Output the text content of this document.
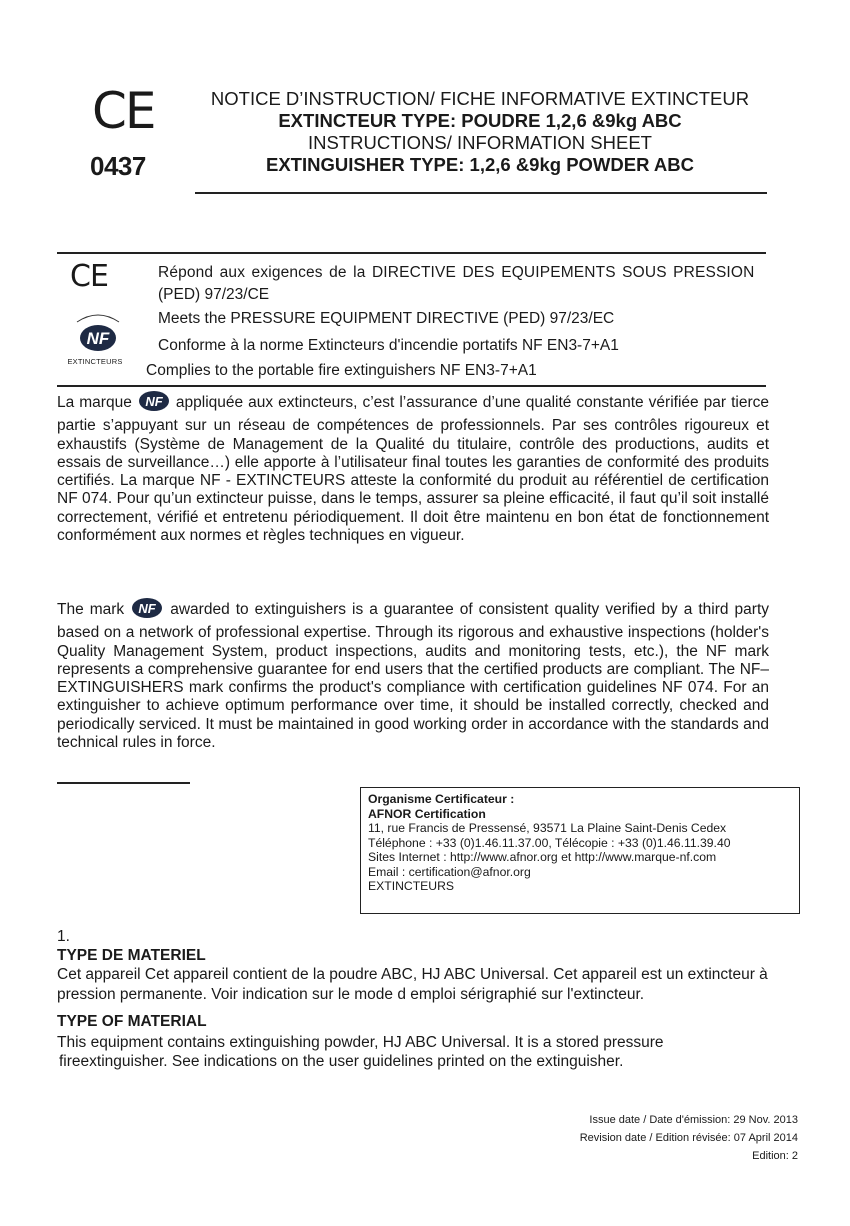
CE
0437
NOTICE D’INSTRUCTION/ FICHE INFORMATIVE EXTINCTEUR
EXTINCTEUR TYPE: POUDRE 1,2,6 &9kg ABC
INSTRUCTIONS/ INFORMATION SHEET
EXTINGUISHER TYPE: 1,2,6 &9kg POWDER ABC
CE
NF
EXTINCTEURS
Répond aux exigences de la DIRECTIVE DES EQUIPEMENTS SOUS PRESSION
(PED) 97/23/CE
Meets the PRESSURE EQUIPMENT DIRECTIVE (PED) 97/23/EC
Conforme à la norme Extincteurs d'incendie portatifs NF EN3-7+A1
Complies to the portable fire extinguishers NF EN3-7+A1
La marque NF appliquée aux extincteurs, c’est l’assurance d’une qualité constante vérifiée par tierce partie s’appuyant sur un réseau de compétences de professionnels. Par ses contrôles rigoureux et exhaustifs (Système de Management de la Qualité du titulaire, contrôle des productions, audits et essais de surveillance…) elle apporte à l’utilisateur final toutes les garanties de conformité des produits certifiés. La marque NF - EXTINCTEURS atteste la conformité du produit au référentiel de certification NF 074. Pour qu’un extincteur puisse, dans le temps, assurer sa pleine efficacité, il faut qu’il soit installé correctement, vérifié et entretenu périodiquement. Il doit être maintenu en bon état de fonctionnement conformément aux normes et règles techniques en vigueur.
The mark NF awarded to extinguishers is a guarantee of consistent quality verified by a third party based on a network of professional expertise. Through its rigorous and exhaustive inspections (holder's Quality Management System, product inspections, audits and monitoring tests, etc.), the NF mark represents a comprehensive guarantee for end users that the certified products are compliant. The NF–EXTINGUISHERS mark confirms the product's compliance with certification guidelines NF 074. For an extinguisher to achieve optimum performance over time, it should be installed correctly, checked and periodically serviced. It must be maintained in good working order in accordance with the standards and technical rules in force.
Organisme Certificateur :
AFNOR Certification
11, rue Francis de Pressensé, 93571 La Plaine Saint-Denis Cedex
Téléphone : +33 (0)1.46.11.37.00, Télécopie : +33 (0)1.46.11.39.40
Sites Internet : http://www.afnor.org et http://www.marque-nf.com
Email : certification@afnor.org
EXTINCTEURS
1.
TYPE DE MATERIEL
Cet appareil Cet appareil contient de la poudre ABC, HJ ABC Universal. Cet appareil est un extincteur à pression permanente. Voir indication sur le mode d emploi sérigraphié sur l'extincteur.
TYPE OF MATERIAL
This equipment contains extinguishing powder, HJ ABC Universal. It is a stored pressure
fireextinguisher. See indications on the user guidelines printed on the extinguisher.
Issue date / Date d'émission: 29 Nov. 2013
Revision date / Edition révisée: 07 April 2014
Edition: 2
